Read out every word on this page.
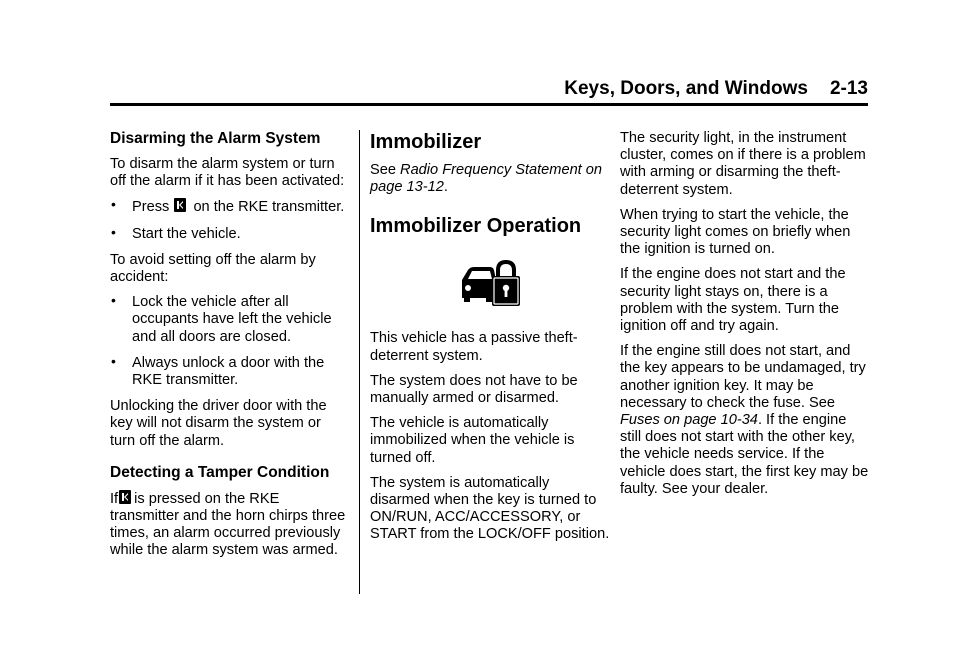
Keys, Doors, and Windows 2-13
Disarming the Alarm System

To disarm the alarm system or turn off the alarm if it has been activated:

• Press on the RKE transmitter.
• Start the vehicle.

To avoid setting off the alarm by accident:

• Lock the vehicle after all occupants have left the vehicle and all doors are closed.
• Always unlock a door with the RKE transmitter.

Unlocking the driver door with the key will not disarm the system or turn off the alarm.

Detecting a Tamper Condition

If is pressed on the RKE transmitter and the horn chirps three times, an alarm occurred previously while the alarm system was armed.

Immobilizer

See Radio Frequency Statement on page 13-12.

Immobilizer Operation

This vehicle has a passive theft-deterrent system.

The system does not have to be manually armed or disarmed.

The vehicle is automatically immobilized when the vehicle is turned off.

The system is automatically disarmed when the key is turned to ON/RUN, ACC/ACCESSORY, or START from the LOCK/OFF position.

The security light, in the instrument cluster, comes on if there is a problem with arming or disarming the theft-deterrent system.

When trying to start the vehicle, the security light comes on briefly when the ignition is turned on.

If the engine does not start and the security light stays on, there is a problem with the system. Turn the ignition off and try again.

If the engine still does not start, and the key appears to be undamaged, try another ignition key. It may be necessary to check the fuse. See Fuses on page 10-34. If the engine still does not start with the other key, the vehicle needs service. If the vehicle does start, the first key may be faulty. See your dealer.
